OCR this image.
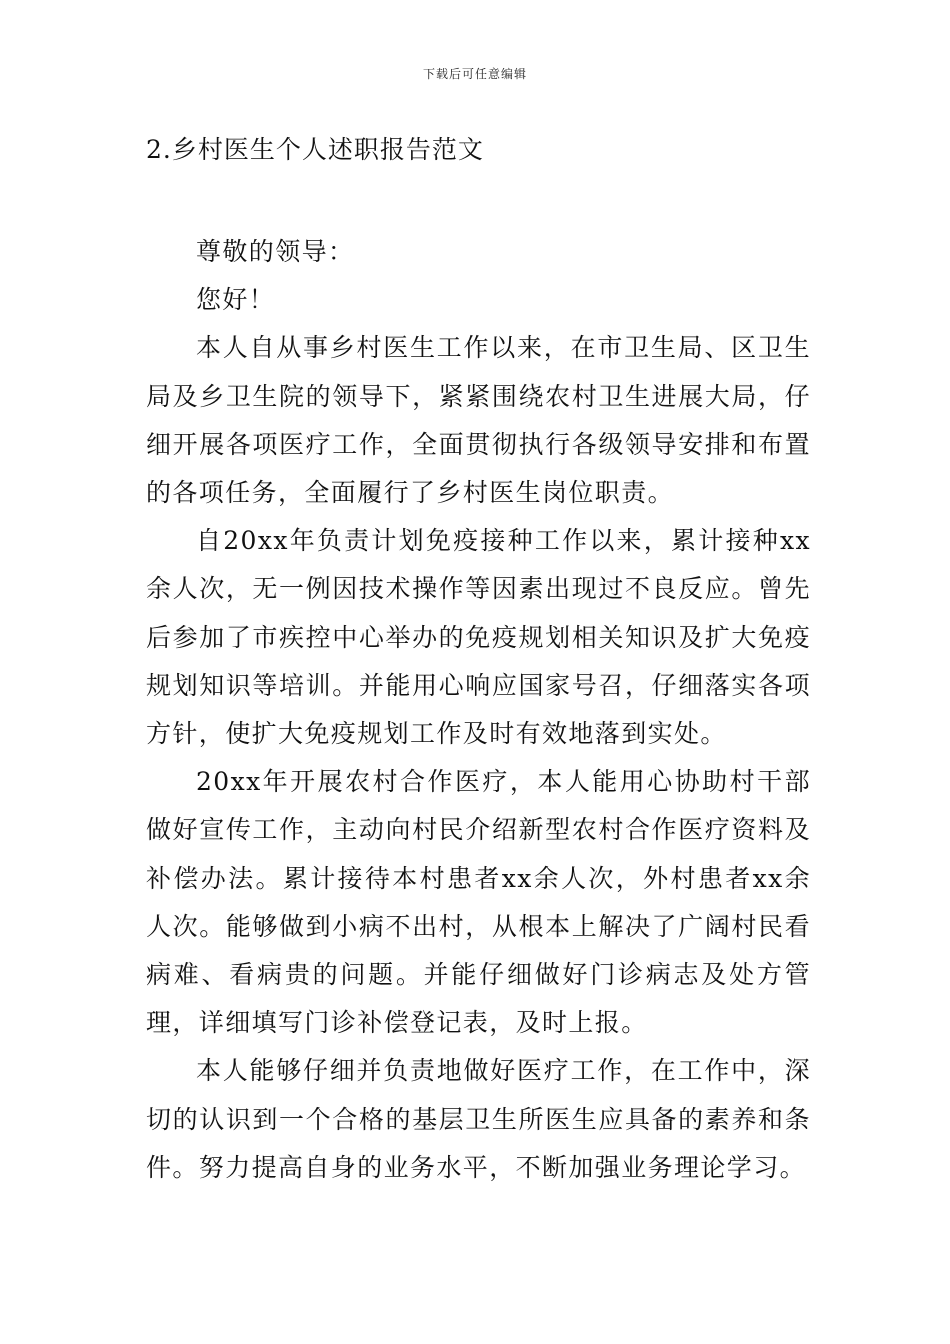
下载后可任意编辑
2.乡村医生个人述职报告范文

尊敬的领导：

您好！

本人自从事乡村医生工作以来，在市卫生局、区卫生局及乡卫生院的领导下，紧紧围绕农村卫生进展大局，仔细开展各项医疗工作，全面贯彻执行各级领导安排和布置的各项任务，全面履行了乡村医生岗位职责。

自20xx年负责计划免疫接种工作以来，累计接种xx余人次，无一例因技术操作等因素出现过不良反应。曾先后参加了市疾控中心举办的免疫规划相关知识及扩大免疫规划知识等培训。并能用心响应国家号召，仔细落实各项方针，使扩大免疫规划工作及时有效地落到实处。

20xx年开展农村合作医疗，本人能用心协助村干部做好宣传工作，主动向村民介绍新型农村合作医疗资料及补偿办法。累计接待本村患者xx余人次，外村患者xx余人次。能够做到小病不出村，从根本上解决了广阔村民看病难、看病贵的问题。并能仔细做好门诊病志及处方管理，详细填写门诊补偿登记表，及时上报。

本人能够仔细并负责地做好医疗工作，在工作中，深切的认识到一个合格的基层卫生所医生应具备的素养和条件。努力提高自身的业务水平，不断加强业务理论学习。
